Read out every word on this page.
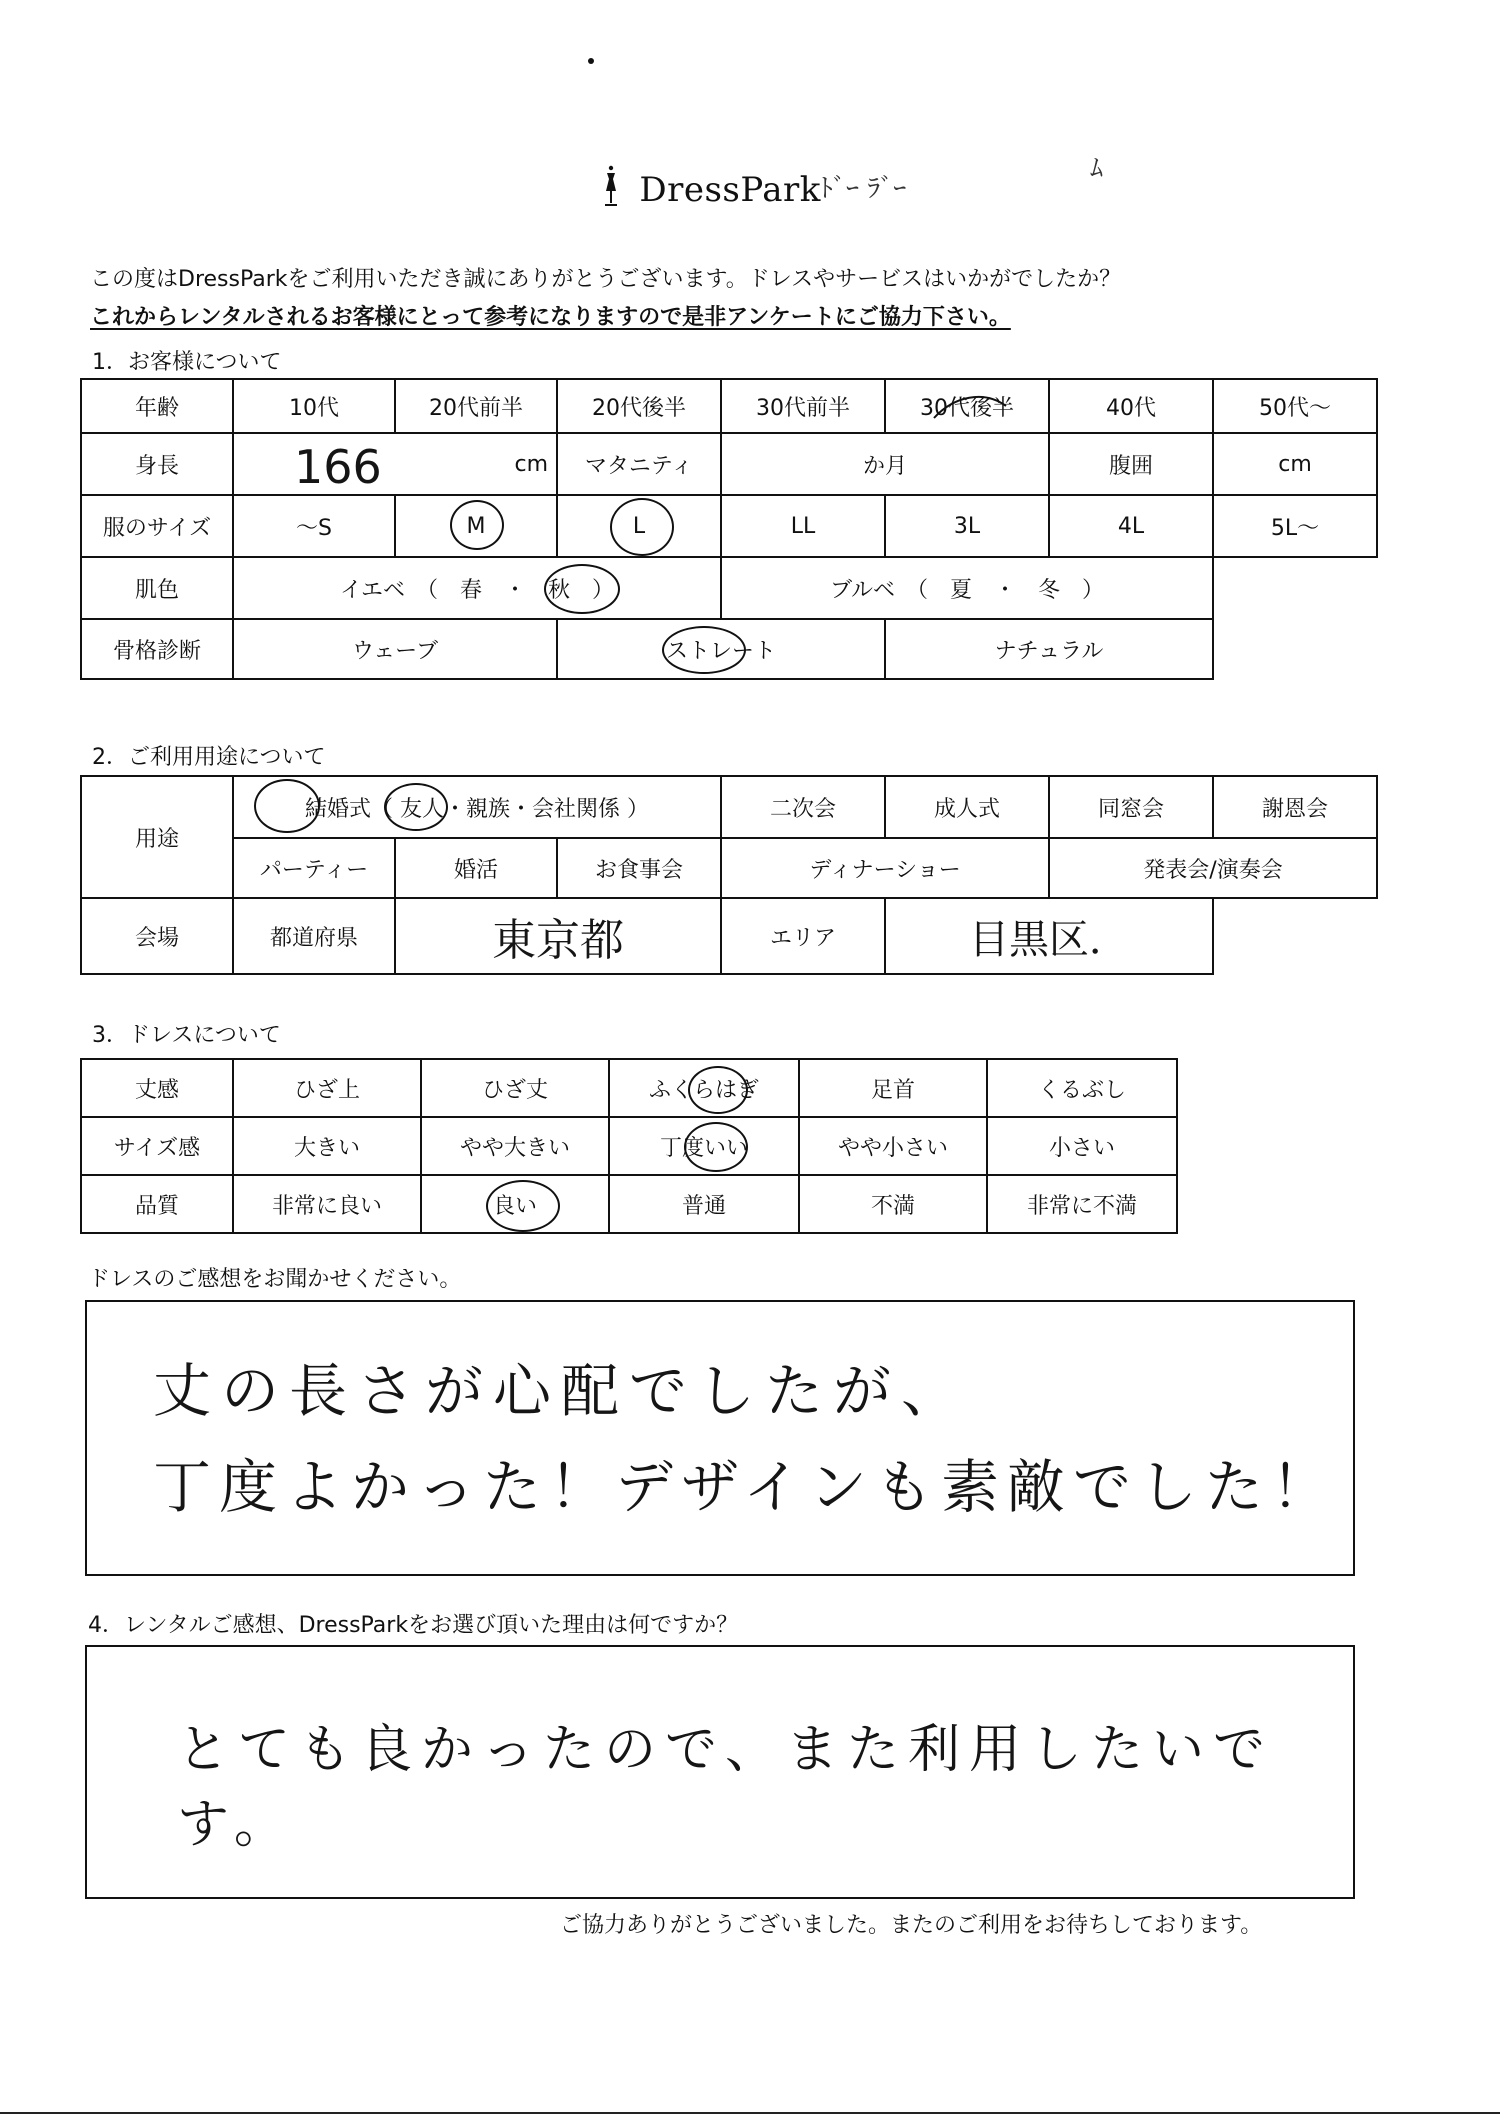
DressPark ﾄﾞｰ ﾗﾞｰ
ﾑ
この度はDressParkをご利用いただき誠にありがとうございます。ドレスやサービスはいかがでしたか？
これからレンタルされるお客様にとって参考になりますので是非アンケートにご協力下さい。
1．お客様について
年齢	10代	20代前半	20代後半	30代前半	30代後半	40代	50代～
身長	166 cm		マタニティ	か月		腹囲	cm
服のサイズ	～S	M	L	LL	3L	4L	5L～
肌色	イエベ　（　春　・　秋　）			ブルベ　（　夏　・　冬　）			
骨格診断	ウェーブ		ストレート		ナチュラル		
2．ご利用用途について
用途	結婚式（ 友人・親族・会社関係 ）			二次会	成人式	同窓会	謝恩会
	パーティー	婚活	お食事会	ディナーショー		発表会/演奏会	
会場	都道府県	東京都		エリア	目黒区．		
3．ドレスについて
丈感	ひざ上	ひざ丈	ふくらはぎ	足首	くるぶし
サイズ感	大きい	やや大きい	丁度いい	やや小さい	小さい
品質	非常に良い	良い	普通	不満	非常に不満
ドレスのご感想をお聞かせください。
丈の長さが心配でしたが、
丁度よかった！デザインも素敵でした！
4．レンタルご感想、DressParkをお選び頂いた理由は何ですか？
とても良かったので、また利用したいです。
ご協力ありがとうございました。またのご利用をお待ちしております。
